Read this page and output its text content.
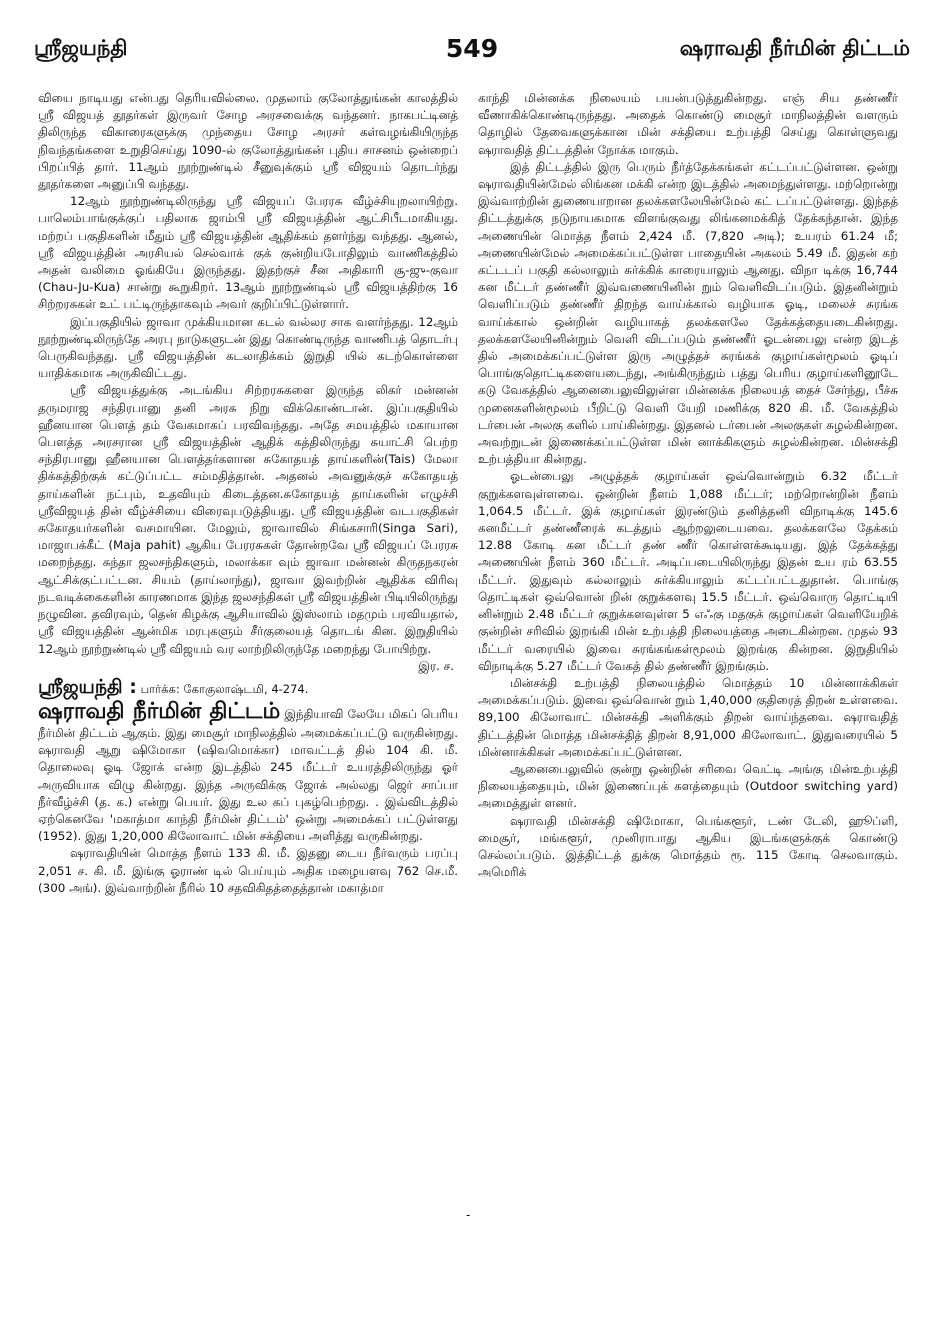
549
ஸ்ரீஜயந்தி	ஷராவதி நீர்மின் திட்டம்

வியை நாடியது என்பது தெரியவில்லை. முதலாம் குலோத்துங்கன் காலத்தில் ஸ்ரீ விஜயத் தூதர்கள் இருவர் சோழ அரசவைக்கு வந்தனர். நாகபட்டினத் திலிருந்த விகாரைகளுக்கு முந்தைய சோழ அரசர் கள்வழங்கியிருந்த நிவந்தங்களை உறுதிசெய்து 1090-ல் குலோத்துங்கன் புதிய சாசனம் ஒன்றைப் பிறப்பித் தார். 11ஆம் நூற்றுண்டில் சீனுவுக்கும் ஸ்ரீ விஜயம் தொடர்ந்து தூதர்களை அனுப்பி வந்தது.

12ஆம் நூற்றுண்டிலிருந்து ஸ்ரீ விஜயப் பேரரசு வீழ்ச்சியுறலாயிற்று. பாலெம்பாங்குக்குப் பதிலாக ஜாம்பி ஸ்ரீ விஜயத்தின் ஆட்சிபீடமாகியது. மற்றப் பகுதிகளின் மீதும் ஸ்ரீ விஜயத்தின் ஆதிக்கம் தளர்ந்து வந்தது. ஆனல், ஸ்ரீ விஜயத்தின் அரசியல் செல்வாக் குக் குன்றியபோதிலும் வாணிகத்தில் அதன் வலிமை ஓங்கியே இருந்தது. இதற்குச் சீன அதிகாரி சூ-ஜு-குவா (Chau-Ju-Kua) சான்று கூறுகிறர். 13ஆம் நூற்றுண்டில் ஸ்ரீ விஜயத்திற்கு 16 சிற்றரசுகள் உட் பட்டிருந்தாகவும் அவர் குறிப்பிட்டுள்ளார்.

இப்பகுதியில் ஜாவா முக்கியமான கடல் வல்லர சாக வளர்ந்தது. 12ஆம் நூற்றுண்டிலிருந்தே அரபு நாடுகளுடன் இது கொண்டிருந்த வாணிபத் தொடர்பு பெருகிவந்தது. ஸ்ரீ விஜயத்தின் கடலாதிக்கம் இறுதி யில் கடற்கொள்ளை யாதிக்கமாக அருகிவிட்டது.

ஸ்ரீ விஜயத்துக்கு அடங்கிய சிற்றரசுகளை இருந்த லிகர் மன்னன் தருமராஜ சந்திரபானு தனி அரசு நிறு விக்கொண்டான். இப்பகுதியில் ஹீனயான பௌத் தம் வேகமாகப் பரவிவந்தது. அதே சமயத்தில் மகாயான பௌத்த அரசரான ஸ்ரீ விஜயத்தின் ஆதிக் கத்திலிருந்து சுயாட்சி பெற்ற சந்திரபானு ஹீனயான பௌத்தர்களான சுகோதயத் தாய்களின்(Tais) மேலா திக்கத்திற்குக் கட்டுப்பட்ட சம்மதித்தான். அதனல் அவனுக்குச் சுகோதயத் தாய்களின் நட்பும், உதவியும் கிடைத்தன.சுகோதயத் தாய்களின் எழுச்சி ஸ்ரீவிஜயத் தின் வீழ்ச்சியை விரைவுபடுத்தியது. ஸ்ரீ விஜயத்தின் வடபகுதிகள் சுகோதயர்களின் வசமாயின. மேலும், ஜாவாவில் சிங்கசாரி(Singa Sari), மாஜாபக்கீட் (Maja pahit) ஆகிய பேரரசுகள் தோன்றவே ஸ்ரீ விஜயப் பேரரசு மறைந்தது. சுந்தா ஜலசந்திகளும், மலாக்கா வும் ஜாவா மன்னன் கிருதநகரன் ஆட்சிக்குட்பட்டன. சியம் (தாய்லாந்து), ஜாவா இவற்றின் ஆதிக்க விரிவு நடவடிக்கைகளின் காரணமாக இந்த ஜலசந்திகள் ஸ்ரீ விஜயத்தின் பிடியிலிருந்து நழுவின. தவிரவும், தென் கிழக்கு ஆசியாவில் இஸ்லாம் மதமும் பரவியதால், ஸ்ரீ விஜயத்தின் ஆன்மிக மரபுகளும் சீர்குலையத் தொடங் கின. இறுதியில் 12ஆம் நூற்றுண்டில் ஸ்ரீ விஜயம் வர லாற்றிலிருந்தே மறைந்து போயிற்று.

இர. ச.
ஸ்ரீஜயந்தி : பார்க்க: கோகுலாஷ்டமி, 4-274.
ஷராவதி நீர்மின் திட்டம் இந்தியாவி லேயே மிகப் பெரிய நீர்மின் திட்டம் ஆகும். இது மைசூர் மாநிலத்தில் அமைக்கப்பட்டு வருகின்றது. ஷராவதி ஆறு ஷிமோகா (ஷிவமொக்கா) மாவட்டத் தில் 104 கி. மீ. தொலைவு ஓடி ஜோக் என்ற இடத்தில் 245 மீட்டர் உயரத்திலிருந்து ஓர் அருவியாக விழு கின்றது. இந்த அருவிக்கு ஜோக் அல்லது ஜெர் சாப்பா நீர்வீழ்ச்சி (த. க.) என்று பெயர். இது உல கப் புகழ்பெற்றது. . இவ்விடத்தில் ஏற்கெனவே 'மகாத்மா காந்தி நீர்மின் திட்டம்' ஒன்று அமைக்கப் பட்டுள்ளது (1952). இது 1,20,000 கிலோவாட் மின் சக்தியை அளித்து வருகின்றது.

ஷராவதியின் மொத்த நீளம் 133 கி. மீ. இதனு டைய நீர்வரும் பரப்பு 2,051 ச. கி. மீ. இங்கு ஓராண் டில் பெய்யும் அதிக மழையளவு 762 செ.மீ. (300 அங்). இவ்வாற்றின் நீரில் 10 சதவிகிதத்தைத்தான் மகாத்மா

காந்தி மின்னக்க நிலையம் பயன்படுத்துகின்றது. எஞ் சிய தண்ணீர் வீணாகிக்கொண்டிருந்தது. அதைக் கொண்டு மைசூர் மாநிலத்தின் வளரும் தொழில் தேவைகளுக்கான மின் சக்தியை உற்பத்தி செய்து கொள்ளுவது ஷராவதித் திட்டத்தின் நோக்க மாகும்.

இத் திட்டத்தில் இரு பெரும் நீர்த்தேக்கங்கள் கட்டப்பட்டுள்ளன. ஒன்று ஷராவதியின்மேல் லிங்கன மக்கி என்ற இடத்தில் அமைந்துள்ளது. மற்றொன்று இவ்வாற்றின் துணையாறான தலக்களலேயின்மேல் கட் டப்பட்டுள்ளது. இந்தத் திட்டத்துக்கு நடுநாயகமாக விளங்குவது லிங்கனமக்கித் தேக்கந்தான். இந்த அணையின் மொத்த நீளம் 2,424 மீ. (7,820 அடி); உயரம் 61.24 மீ; அணையின்மேல் அமைக்கப்பட்டுள்ள பாதையின் அகலம் 5.49 மீ. இதன் கற் கட்டடப் பகுதி கல்லாலும் சுர்க்கிக் காரையாலும் ஆனது. விநா டிக்கு 16,744 கன மீட்டர் தண்ணீர் இவ்வணையினின் றும் வெளிவிடப்படும். இதனின்றும் வெளிப்படும் தண்ணீர் திறந்த வாய்க்கால் வழியாக ஓடி, மலைச் சுரங்க வாய்க்கால் ஒன்றின் வழியாகத் தலக்களலே தேக்கத்தையடைகின்றது. தலக்களலேயினின்றும் வெளி விடப்படும் தண்ணீர் ஓடன்பைலு என்ற இடத் தில் அமைக்கப்பட்டுள்ள இரு அழுத்தச் சுரங்கக் குழாய்கள்மூலம் ஓடிப் பொங்குதொட்டிகளையடைந்து, அங்கிருந்தும் பத்து பெரிய குழாய்களினூடே கடு வேகத்தில் ஆனைபைலுவிலுள்ள மின்னக்க நிலையத் தைச் சேர்ந்து, பீச்சு முனைகளின்மூலம் பீறிட்டு வெளி யேறி மணிக்கு 820 கி. மீ. வேகத்தில் டர்பைன் அலகு களில் பாய்கின்றது. இதனல் டர்பைன் அலகுகள் சுழல்கின்றன. அவற்றுடன் இணைக்கப்பட்டுள்ள மின் னாக்கிகளும் சுழல்கின்றன. மின்சக்தி உற்பத்தியா கின்றது.

ஓடன்பைலு அழுத்தக் குழாய்கள் ஒவ்வொன்றும் 6.32 மீட்டர் குறுக்களவுள்ளவை. ஒன்றின் நீளம் 1,088 மீட்டர்; மற்றொன்றின் நீளம் 1,064.5 மீட்டர். இக் குழாய்கள் இரண்டும் தனித்தனி விநாடிக்கு 145.6 கனமீட்டர் தண்ணீரைக் கடத்தும் ஆற்றலுடையவை. தலக்களலே தேக்கம் 12.88 கோடி கன மீட்டர் தண் ணீர் கொள்ளக்கூடியது. இத் தேக்கத்து அணையின் நீளம் 360 மீட்டர். அடிப்படையிலிருந்து இதன் உய ரம் 63.55 மீட்டர். இதுவும் கல்லாலும் சுர்க்கியாலும் கட்டப்பட்டதுதான். பொங்கு தொட்டிகள் ஒவ்வொன் றின் குறுக்களவு 15.5 மீட்டர். ஒவ்வொரு தொட்டியி னின்றும் 2.48 மீட்டர் குறுக்களவுள்ள 5 எஃகு மதகுக் குழாய்கள் வெளியேறிக் குன்றின் சரிவில் இறங்கி மின் உற்பத்தி நிலையத்தை அடைகின்றன. முதல் 93 மீட்டர் வரையில் இவை சுரங்கங்கள்மூலம் இறங்கு கின்றன. இறுதியில் விநாடிக்கு 5.27 மீட்டர் வேகத் தில் தண்ணீர் இறங்கும்.

மின்சக்தி உற்பத்தி நிலையத்தில் மொத்தம் 10 மின்னாக்கிகள் அமைக்கப்படும். இவை ஒவ்வொன் றும் 1,40,000 குதிரைத் திறன் உள்ளவை. 89,100 கிலோவாட் மின்சக்தி அளிக்கும் திறன் வாய்ந்தவை. ஷராவதித் திட்டத்தின் மொத்த மின்சக்தித் திறன் 8,91,000 கிலோவாட். இதுவரையில் 5 மின்னாக்கிகள் அமைக்கப்பட்டுள்ளன.

ஆனைபைலுவில் குன்று ஒன்றின் சரிவை வெட்டி அங்கு மின்உற்பத்தி நிலையத்தையும், மின் இணைப்புக் களத்தையும் (Outdoor switching yard) அமைத்துள் ளனர்.

ஷராவதி மின்சக்தி ஷிமோகா, பெங்களூர், டண் டேலி, ஹூப்ளி, மைசூர், மங்களூர், முனிராபாது ஆகிய இடங்களுக்குக் கொண்டு செல்லப்படும். இத்திட்டத் துக்கு மொத்தம் ரூ. 115 கோடி செலவாகும். அமெரிக்

-
